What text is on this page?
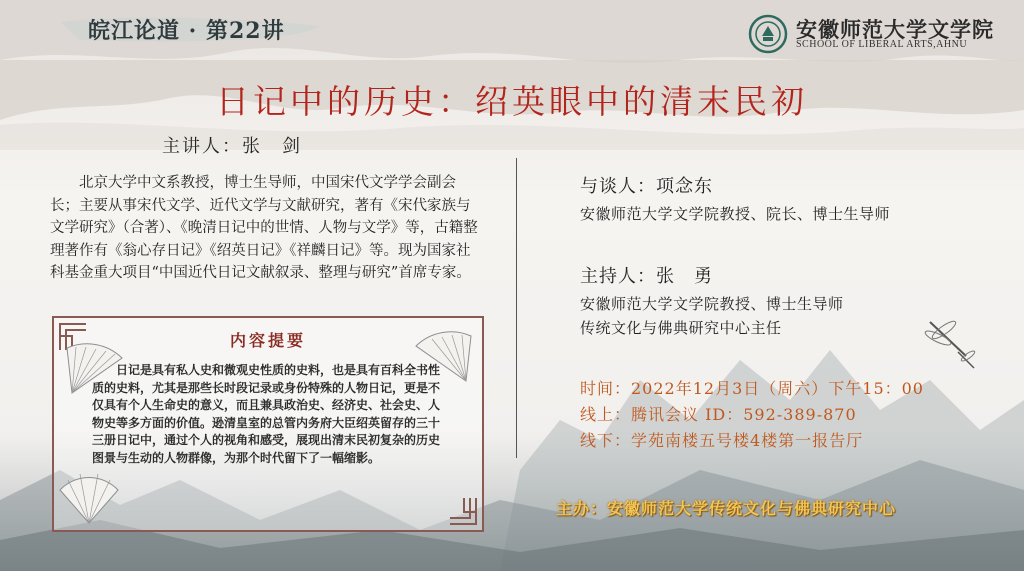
皖江论道 · 第22讲	安徽师范大学文学院
SCHOOL OF LIBERAL ARTS,AHNU
日记中的历史：绍英眼中的清末民初
主讲人：张　剑
北京大学中文系教授，博士生导师，中国宋代文学学会副会长；主要从事宋代文学、近代文学与文献研究，著有《宋代家族与文学研究》（合著）、《晚清日记中的世情、人物与文学》等，古籍整理著作有《翁心存日记》《绍英日记》《祥麟日记》等。现为国家社科基金重大项目“中国近代日记文献叙录、整理与研究”首席专家。
内容提要
日记是具有私人史和微观史性质的史料，也是具有百科全书性质的史料，尤其是那些长时段记录或身份特殊的人物日记，更是不仅具有个人生命史的意义，而且兼具政治史、经济史、社会史、人物史等多方面的价值。逊清皇室的总管内务府大臣绍英留存的三十三册日记中，通过个人的视角和感受，展现出清末民初复杂的历史图景与生动的人物群像，为那个时代留下了一幅缩影。
与谈人：项念东
安徽师范大学文学院教授、院长、博士生导师
主持人：张　勇
安徽师范大学文学院教授、博士生导师
传统文化与佛典研究中心主任
时间：2022年12月3日（周六）下午15：00
线上：腾讯会议 ID：592-389-870
线下：学苑南楼五号楼4楼第一报告厅
主办：安徽师范大学传统文化与佛典研究中心
